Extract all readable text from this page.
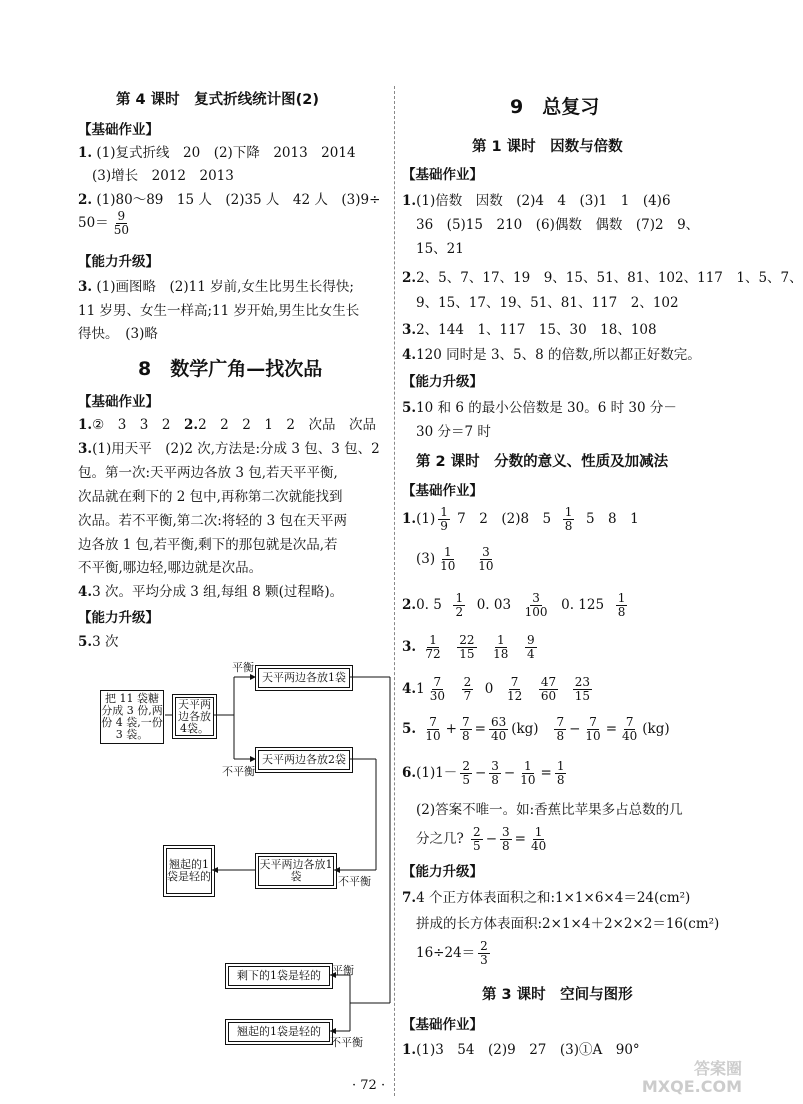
第 4 课时　复式折线统计图(2)
【基础作业】
1. (1)复式折线　20　(2)下降　2013　2014
(3)增长　2012　2013
2. (1)80～89　15 人　(2)35 人　42 人　(3)9÷
$50= \frac{9}{50}$
【能力升级】
3. (1)画图略　(2)11 岁前,女生比男生长得快;
11 岁男、女生一样高;11 岁开始,男生比女生长
得快。　(3)略
8　数学广角—找次品
【基础作业】
1.②　3　3　2　2.2　2　2　1　2　次品　次品
3.(1)用天平　(2)2 次,方法是:分成 3 包、3 包、2
包。第一次:天平两边各放 3 包,若天平平衡,
次品就在剩下的 2 包中,再称第二次就能找到
次品。若不平衡,第二次:将轻的 3 包在天平两
边各放 1 包,若平衡,剩下的那包就是次品,若
不平衡,哪边轻,哪边就是次品。
4.3 次。平均分成 3 组,每组 8 颗(过程略)。
【能力升级】
5.3 次
把 11 袋糖分成 3 份,两份 4 袋,一份 3 袋。
天平两边各放4袋。
天平两边各放1袋
天平两边各放2袋
翘起的1袋是轻的
天平两边各放1袋
剩下的1袋是轻的
翘起的1袋是轻的
平衡
不平衡
不平衡
平衡
不平衡
9　总复习
第 1 课时　因数与倍数
【基础作业】
1.(1)倍数　因数　(2)4　4　(3)1　1　(4)6
36　(5)15　210　(6)偶数　偶数　(7)2　9、
15、21
2.2、5、7、17、19　9、15、51、81、102、117　1、5、7、
9、15、17、19、51、81、117　2、102
3.2、144　1、117　15、30　18、108
4.120 同时是 3、5、8 的倍数,所以都正好数完。
【能力升级】
5.10 和 6 的最小公倍数是 30。6 时 30 分－
30 分＝7 时
第 2 课时　分数的意义、性质及加减法
【基础作业】
$1.(1) \frac{1}{9} 7$　2　(2)8　$5 \frac{1}{8} 5$　8　1
$(3) \frac{1}{10}$
$\frac{3}{10}$
2.0. $5 \frac{1}{2} 0$. $03 \frac{3}{100} 0$. $125 \frac{1}{8}$
3. $\frac{1}{72}$
$\frac{22}{15}$
$\frac{1}{18}$
$\frac{9}{4}$
$4.1 \frac{7}{30}$
$\frac{2}{7} 0 \frac{7}{12}$
$\frac{47}{60}$
$\frac{23}{15}$
5. $\frac{7}{10} + \frac{7}{8} = \frac{63}{40} (kg) \frac{7}{8} - \frac{7}{10} = \frac{7}{40} (kg)$
$6.(1)1- \frac{2}{5} - \frac{3}{8} - \frac{1}{10} = \frac{1}{8}$
(2)答案不唯一。如:香蕉比苹果多占总数的几
分之几? $\frac{2}{5} - \frac{3}{8} = \frac{1}{40}$
【能力升级】
7.4 个正方体表面积之和:1×1×6×4＝24(cm²)
拼成的长方体表面积:2×1×4＋2×2×2＝16(cm²)
$16\div 24= \frac{2}{3}$
第 3 课时　空间与图形
【基础作业】
1.(1)3　54　(2)9　27　(3)①A　90°
· 72 ·
答案圈
MXQE.COM
